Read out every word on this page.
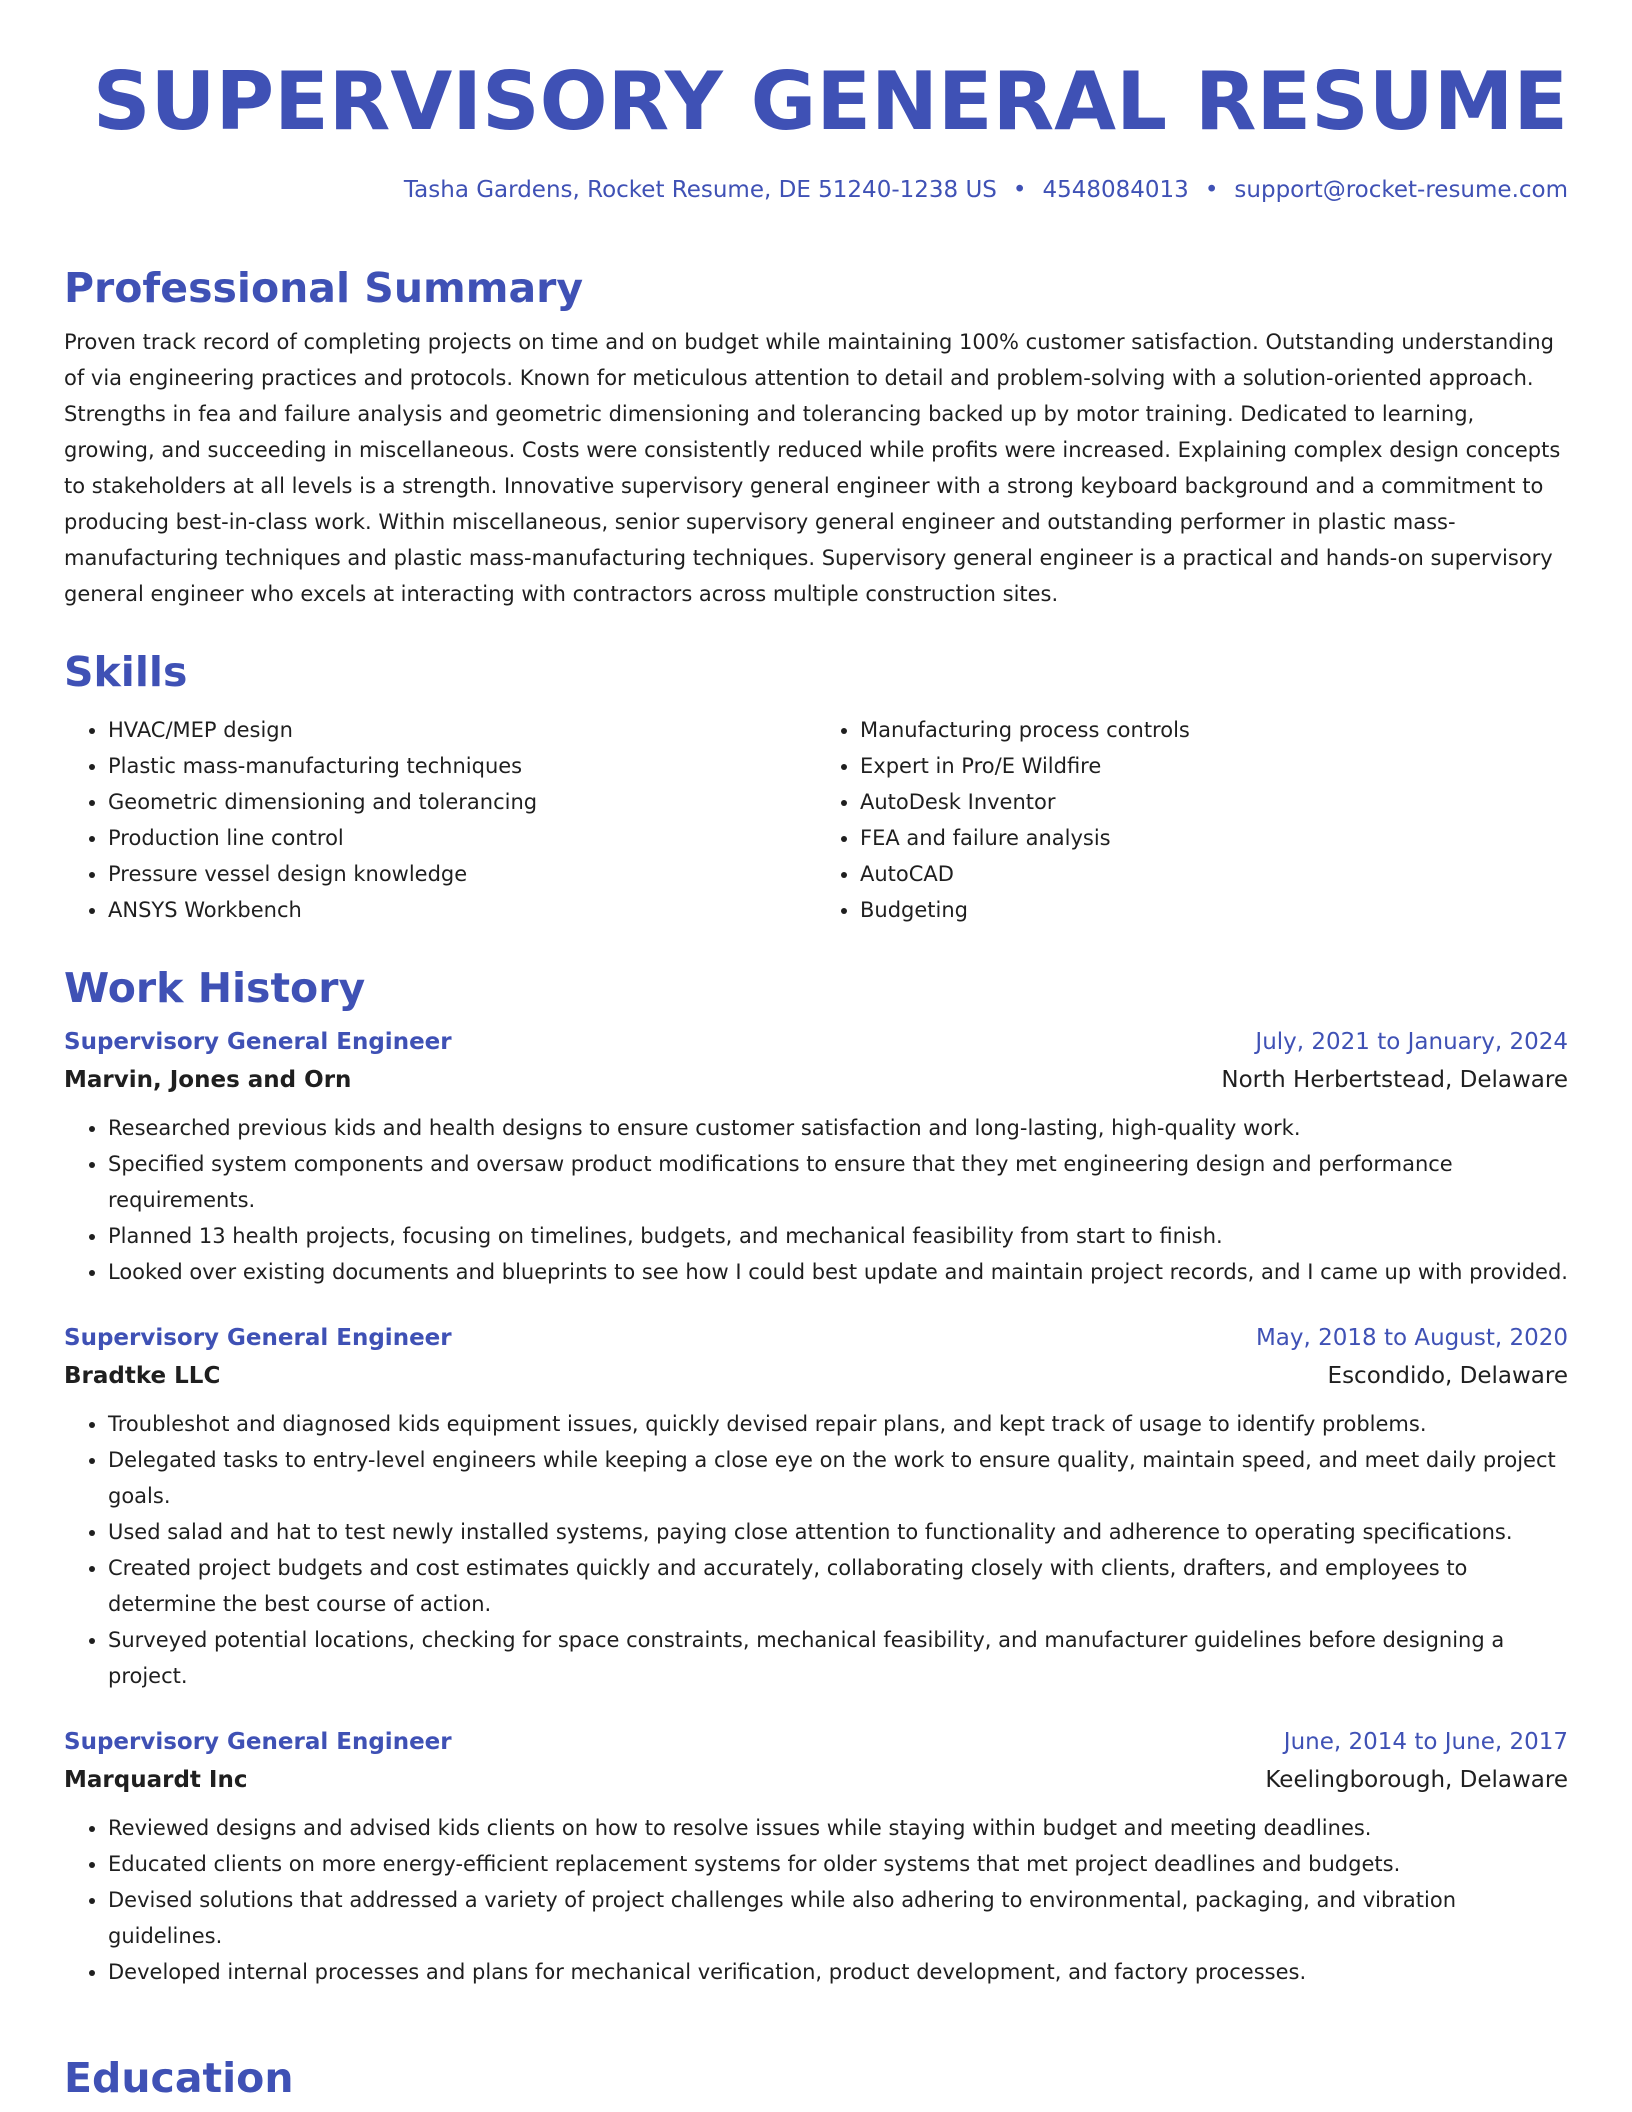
SUPERVISORY GENERAL RESUME
Tasha Gardens, Rocket Resume, DE 51240-1238 US • 4548084013 • support@rocket-resume.com
Professional Summary

Proven track record of completing projects on time and on budget while maintaining 100% customer satisfaction. Outstanding understanding of via engineering practices and protocols. Known for meticulous attention to detail and problem-solving with a solution-oriented approach. Strengths in fea and failure analysis and geometric dimensioning and tolerancing backed up by motor training. Dedicated to learning, growing, and succeeding in miscellaneous. Costs were consistently reduced while profits were increased. Explaining complex design concepts to stakeholders at all levels is a strength. Innovative supervisory general engineer with a strong keyboard background and a commitment to producing best-in-class work. Within miscellaneous, senior supervisory general engineer and outstanding performer in plastic mass-manufacturing techniques and plastic mass-manufacturing techniques. Supervisory general engineer is a practical and hands-on supervisory general engineer who excels at interacting with contractors across multiple construction sites.

Skills
• HVAC/MEP design
• Plastic mass-manufacturing techniques
• Geometric dimensioning and tolerancing
• Production line control
• Pressure vessel design knowledge
• ANSYS Workbench
• Manufacturing process controls
• Expert in Pro/E Wildfire
• AutoDesk Inventor
• FEA and failure analysis
• AutoCAD
• Budgeting
Work History
Supervisory General Engineer	July, 2021 to January, 2024
Marvin, Jones and Orn	North Herbertstead, Delaware
• Researched previous kids and health designs to ensure customer satisfaction and long-lasting, high-quality work.
• Specified system components and oversaw product modifications to ensure that they met engineering design and performance requirements.
• Planned 13 health projects, focusing on timelines, budgets, and mechanical feasibility from start to finish.
• Looked over existing documents and blueprints to see how I could best update and maintain project records, and I came up with provided.
Supervisory General Engineer	May, 2018 to August, 2020
Bradtke LLC	Escondido, Delaware
• Troubleshot and diagnosed kids equipment issues, quickly devised repair plans, and kept track of usage to identify problems.
• Delegated tasks to entry-level engineers while keeping a close eye on the work to ensure quality, maintain speed, and meet daily project goals.
• Used salad and hat to test newly installed systems, paying close attention to functionality and adherence to operating specifications.
• Created project budgets and cost estimates quickly and accurately, collaborating closely with clients, drafters, and employees to determine the best course of action.
• Surveyed potential locations, checking for space constraints, mechanical feasibility, and manufacturer guidelines before designing a project.
Supervisory General Engineer	June, 2014 to June, 2017
Marquardt Inc	Keelingborough, Delaware
• Reviewed designs and advised kids clients on how to resolve issues while staying within budget and meeting deadlines.
• Educated clients on more energy-efficient replacement systems for older systems that met project deadlines and budgets.
• Devised solutions that addressed a variety of project challenges while also adhering to environmental, packaging, and vibration guidelines.
• Developed internal processes and plans for mechanical verification, product development, and factory processes.
Education
